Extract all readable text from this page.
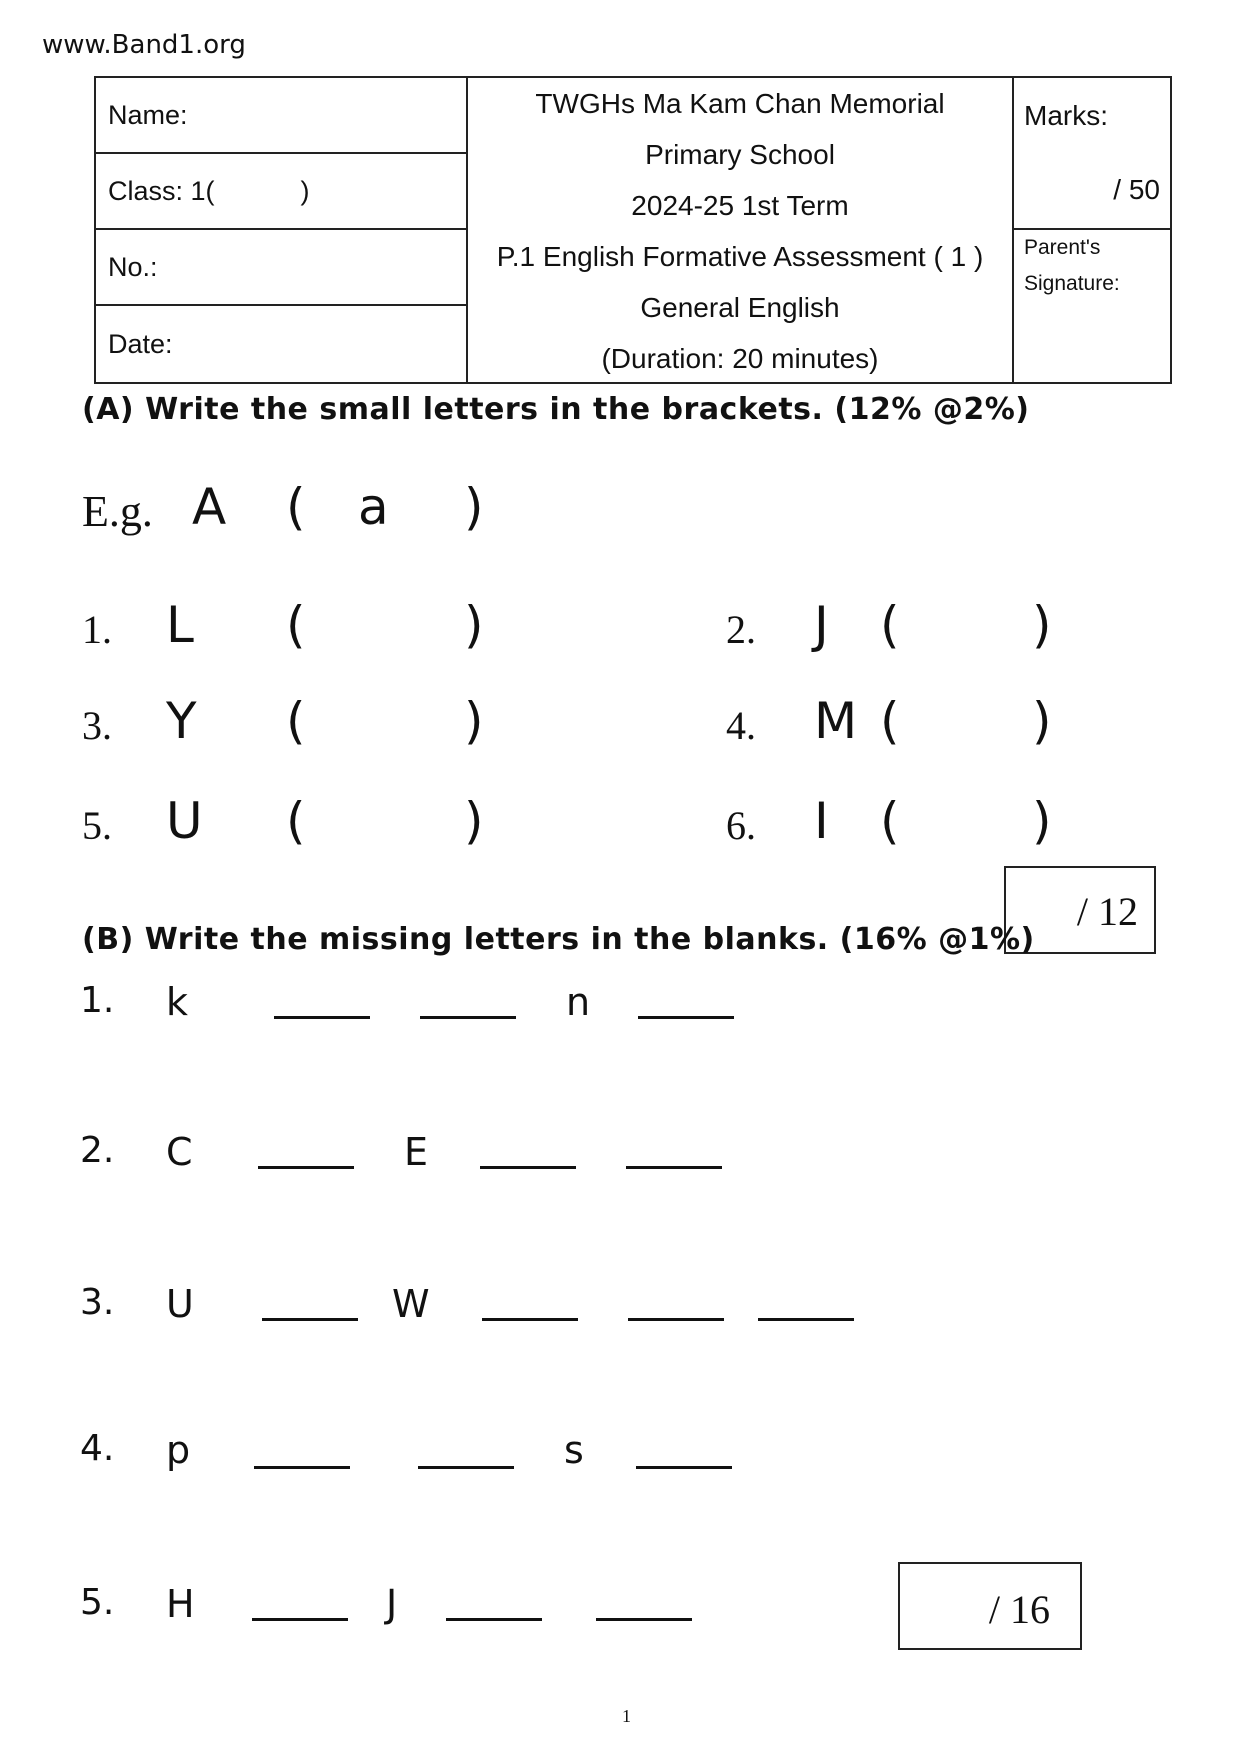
www.Band1.org
Name:
Class: 1(	)
No.:
Date:
TWGHs Ma Kam Chan Memorial
Primary School
2024-25 1st Term
P.1 English Formative Assessment ( 1 )
General English
(Duration: 20 minutes)
Marks:
/ 50
Parent's
Signature:
(A) Write the small letters in the brackets. (12% @2%)
E.g. A ( a )
1. L (	)	2. J (	)
3. Y (	)	4. M (	)
5. U (	)	6. I (	)
/ 12
(B) Write the missing letters in the blanks. (16% @1%)
1. k	n
2. C	E
3. U	W
4. p	s
5. H	J	/ 16
1
